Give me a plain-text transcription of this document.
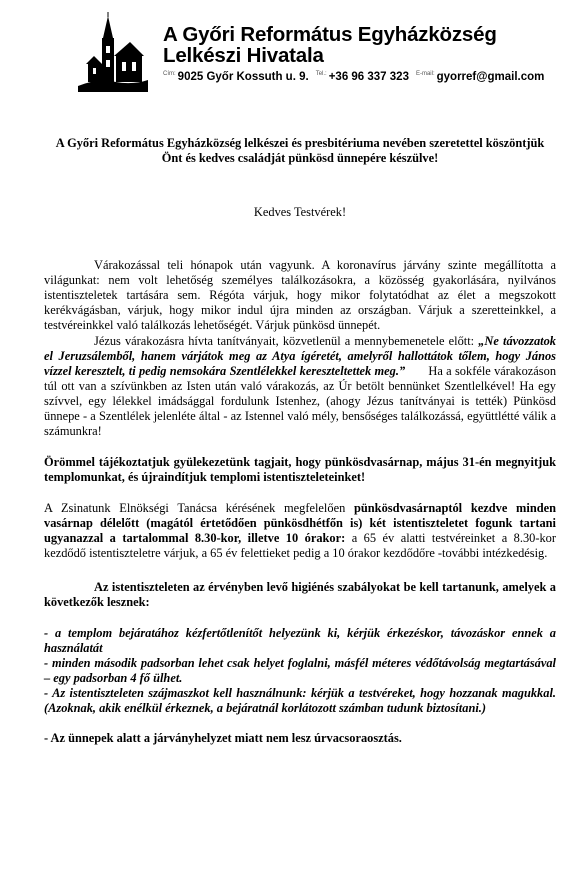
A Győri Református Egyházközség
Lelkészi Hivatala
$^{Cím:}$ 9025 Győr Kossuth u. 9. $^{Tel.:}$ +36 96 337 323 $^{E-mail:}$ gyorref@gmail.com

A Győri Református Egyházközség lelkészei és presbitériuma nevében szeretettel köszöntjük Önt és kedves családját pünkösd ünnepére készülve!

Kedves Testvérek!

Várakozással teli hónapok után vagyunk. A koronavírus járvány szinte megállította a világunkat: nem volt lehetőség személyes találkozásokra, a közösség gyakorlására, nyilvános istentiszteletek tartására sem. Régóta várjuk, hogy mikor folytatódhat az élet a megszokott kerékvágásban, várjuk, hogy mikor indul újra minden az országban. Várjuk a szeretteinkkel, a testvéreinkkel való találkozás lehetőségét. Várjuk pünkösd ünnepét.

Jézus várakozásra hívta tanítványait, közvetlenül a mennybemenetele előtt: „Ne távozzatok el Jeruzsálemből, hanem várjátok meg az Atya ígéretét, amelyről hallottátok tőlem, hogy János vízzel keresztelt, ti pedig nemsokára Szentlélekkel kereszteltettek meg.” Ha a sokféle várakozáson túl ott van a szívünkben az Isten után való várakozás, az Úr betölt bennünket Szentlelkével! Ha egy szívvel, egy lélekkel imádsággal fordulunk Istenhez, (ahogy Jézus tanítványai is tették) Pünkösd ünnepe - a Szentlélek jelenléte által - az Istennel való mély, bensőséges találkozássá, együttlétté válik a számunkra!

Örömmel tájékoztatjuk gyülekezetünk tagjait, hogy pünkösdvasárnap, május 31-én megnyitjuk templomunkat, és újraindítjuk templomi istentiszteleteinket!

A Zsinatunk Elnökségi Tanácsa kérésének megfelelően pünkösdvasárnaptól kezdve minden vasárnap délelőtt (magától értetődően pünkösdhétfőn is) két istentiszteletet fogunk tartani ugyanazzal a tartalommal 8.30-kor, illetve 10 órakor: a 65 év alatti testvéreinket a 8.30-kor kezdődő istentiszteletre várjuk, a 65 év felettieket pedig a 10 órakor kezdődőre -további intézkedésig.

Az istentiszteleten az érvényben levő higiénés szabályokat be kell tartanunk, amelyek a következők lesznek:

- a templom bejáratához kézfertőtlenítőt helyezünk ki, kérjük érkezéskor, távozáskor ennek a használatát

- minden második padsorban lehet csak helyet foglalni, másfél méteres védőtávolság megtartásával – egy padsorban 4 fő ülhet.

- Az istentiszteleten szájmaszkot kell használnunk: kérjük a testvéreket, hogy hozzanak magukkal. (Azoknak, akik enélkül érkeznek, a bejáratnál korlátozott számban tudunk biztosítani.)

- Az ünnepek alatt a járványhelyzet miatt nem lesz úrvacsoraosztás.
